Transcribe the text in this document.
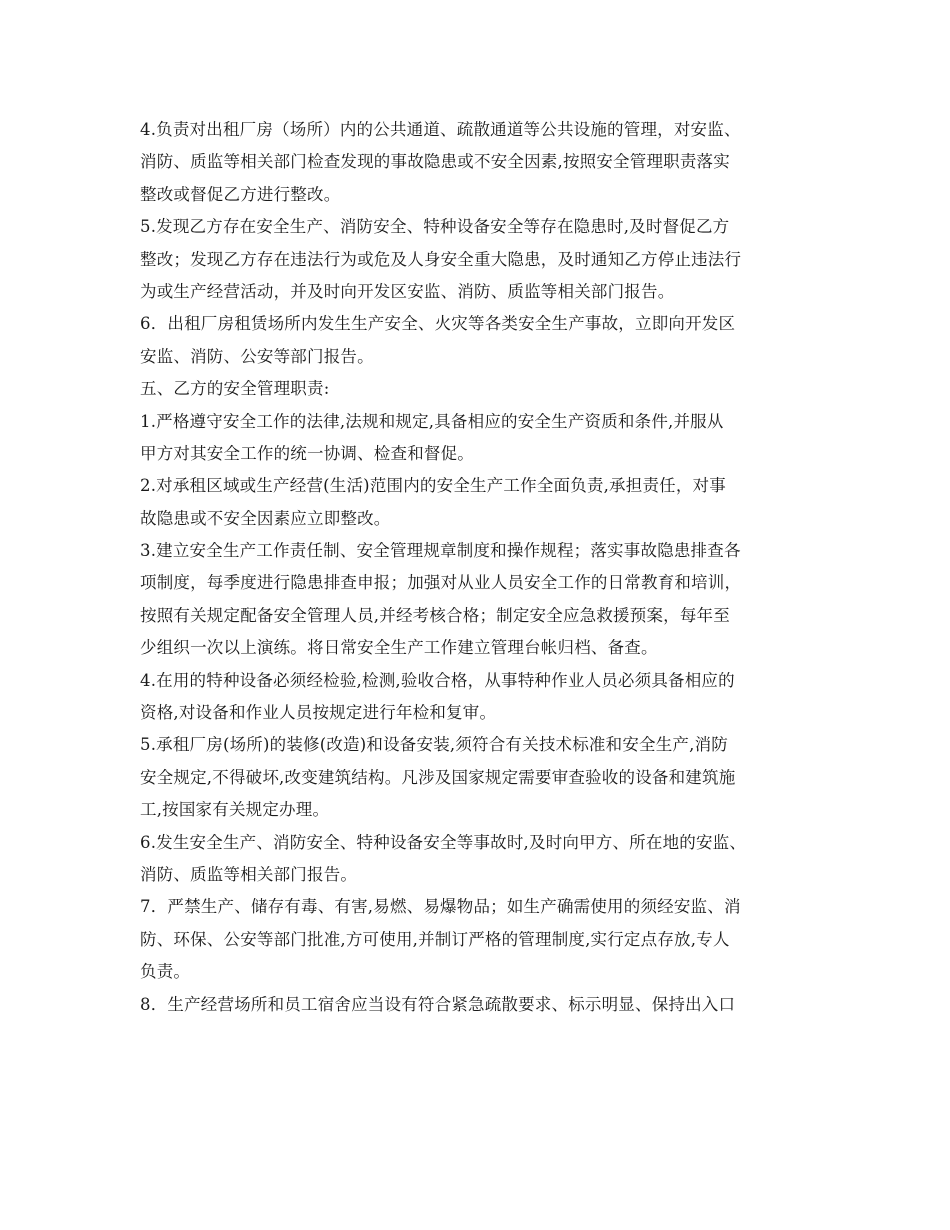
4.负责对出租厂房（场所）内的公共通道、疏散通道等公共设施的管理，对安监、
消防、质监等相关部门检查发现的事故隐患或不安全因素,按照安全管理职责落实
整改或督促乙方进行整改。
5.发现乙方存在安全生产、消防安全、特种设备安全等存在隐患时,及时督促乙方
整改；发现乙方存在违法行为或危及人身安全重大隐患，及时通知乙方停止违法行
为或生产经营活动，并及时向开发区安监、消防、质监等相关部门报告。
6．出租厂房租赁场所内发生生产安全、火灾等各类安全生产事故，立即向开发区
安监、消防、公安等部门报告。
五、乙方的安全管理职责:
1.严格遵守安全工作的法律,法规和规定,具备相应的安全生产资质和条件,并服从
甲方对其安全工作的统一协调、检查和督促。
2.对承租区域或生产经营(生活)范围内的安全生产工作全面负责,承担责任，对事
故隐患或不安全因素应立即整改。
3.建立安全生产工作责任制、安全管理规章制度和操作规程；落实事故隐患排查各
项制度，每季度进行隐患排查申报；加强对从业人员安全工作的日常教育和培训，
按照有关规定配备安全管理人员,并经考核合格；制定安全应急救援预案，每年至
少组织一次以上演练。将日常安全生产工作建立管理台帐归档、备查。
4.在用的特种设备必须经检验,检测,验收合格，从事特种作业人员必须具备相应的
资格,对设备和作业人员按规定进行年检和复审。
5.承租厂房(场所)的装修(改造)和设备安装,须符合有关技术标准和安全生产,消防
安全规定,不得破坏,改变建筑结构。凡涉及国家规定需要审查验收的设备和建筑施
工,按国家有关规定办理。
6.发生安全生产、消防安全、特种设备安全等事故时,及时向甲方、所在地的安监、
消防、质监等相关部门报告。
7．严禁生产、储存有毒、有害,易燃、易爆物品；如生产确需使用的须经安监、消
防、环保、公安等部门批准,方可使用,并制订严格的管理制度,实行定点存放,专人
负责。
8．生产经营场所和员工宿舍应当设有符合紧急疏散要求、标示明显、保持出入口
